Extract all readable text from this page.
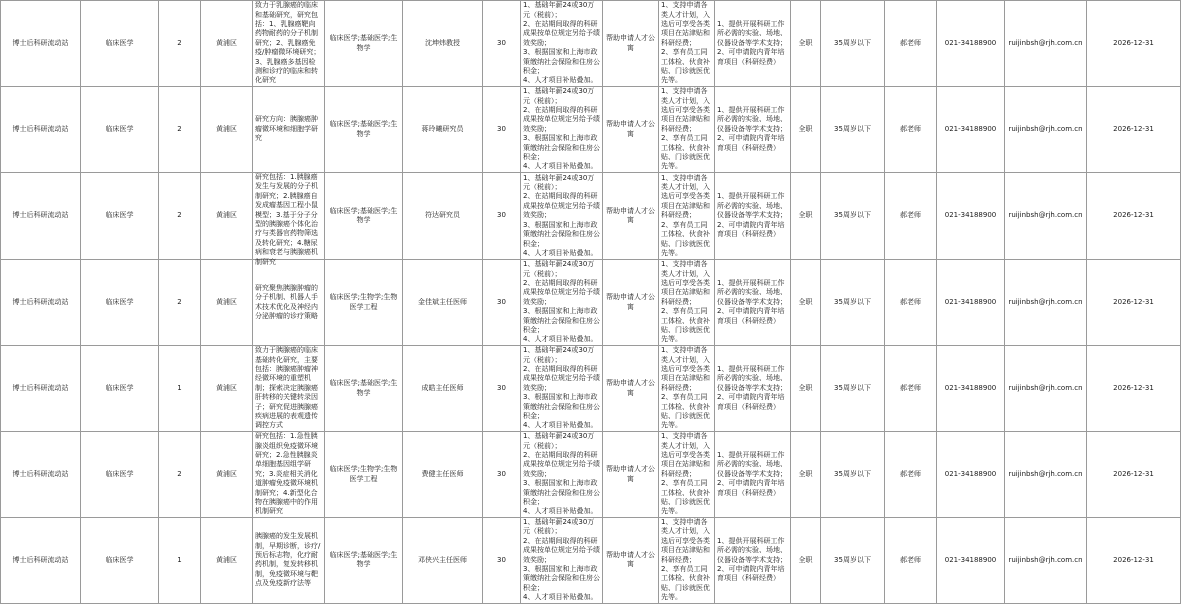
博士后科研流动站	临床医学	2	黄浦区	致力于乳腺癌的临床和基础研究，研究包括：1、乳腺癌靶向药物耐药的分子机制研究；2、乳腺癌免疫/肿瘤微环境研究；3、乳腺癌多基因检测和诊疗的临床和转化研究	临床医学;基础医学;生物学	沈坤炜教授	30	1、基础年薪24或30万元（税前）；
2、在站期间取得的科研成果按单位规定另给予绩效奖励；
3、根据国家和上海市政策缴纳社会保险和住房公积金；
4、人才项目补贴叠加。	帮助申请人才公寓	1、支持申请各类人才计划，入选后可享受各类项目在站津贴和科研经费；
2、享有员工同工体检、伙食补贴、门诊就医优先等。	1、提供开展科研工作所必需的实验、场地、仪器设备等学术支持；
2、可申请院内青年培育项目（科研经费）	全职	35周岁以下	郝老师	021-34188900	ruijinbsh@rjh.com.cn	2026-12-31
博士后科研流动站	临床医学	2	黄浦区	研究方向：胰腺癌肿瘤微环境和细胞学研究	临床医学;基础医学;生物学	蒋玲曦研究员	30	1、基础年薪24或30万元（税前）；
2、在站期间取得的科研成果按单位规定另给予绩效奖励；
3、根据国家和上海市政策缴纳社会保险和住房公积金；
4、人才项目补贴叠加。	帮助申请人才公寓	1、支持申请各类人才计划，入选后可享受各类项目在站津贴和科研经费；
2、享有员工同工体检、伙食补贴、门诊就医优先等。	1、提供开展科研工作所必需的实验、场地、仪器设备等学术支持；
2、可申请院内青年培育项目（科研经费）	全职	35周岁以下	郝老师	021-34188900	ruijinbsh@rjh.com.cn	2026-12-31
博士后科研流动站	临床医学	2	黄浦区	研究包括：1.胰腺癌发生与发展的分子机制研究；2.胰腺癌自发成瘤基因工程小鼠模型；3.基于分子分型的胰腺癌个体化治疗与类器官药物筛选及转化研究；4.糖尿病和衰老与胰腺癌机制研究	临床医学;基础医学;生物学	符达研究员	30	1、基础年薪24或30万元（税前）；
2、在站期间取得的科研成果按单位规定另给予绩效奖励；
3、根据国家和上海市政策缴纳社会保险和住房公积金；
4、人才项目补贴叠加。	帮助申请人才公寓	1、支持申请各类人才计划，入选后可享受各类项目在站津贴和科研经费；
2、享有员工同工体检、伙食补贴、门诊就医优先等。	1、提供开展科研工作所必需的实验、场地、仪器设备等学术支持；
2、可申请院内青年培育项目（科研经费）	全职	35周岁以下	郝老师	021-34188900	ruijinbsh@rjh.com.cn	2026-12-31
博士后科研流动站	临床医学	2	黄浦区	研究聚焦胰腺肿瘤的分子机制、机器人手术技术优化及神经内分泌肿瘤的诊疗策略	临床医学;生物学;生物医学工程	金佳斌主任医师	30	1、基础年薪24或30万元（税前）；
2、在站期间取得的科研成果按单位规定另给予绩效奖励；
3、根据国家和上海市政策缴纳社会保险和住房公积金；
4、人才项目补贴叠加。	帮助申请人才公寓	1、支持申请各类人才计划，入选后可享受各类项目在站津贴和科研经费；
2、享有员工同工体检、伙食补贴、门诊就医优先等。	1、提供开展科研工作所必需的实验、场地、仪器设备等学术支持；
2、可申请院内青年培育项目（科研经费）	全职	35周岁以下	郝老师	021-34188900	ruijinbsh@rjh.com.cn	2026-12-31
博士后科研流动站	临床医学	1	黄浦区	致力于胰腺癌的临床基础转化研究，主要包括：胰腺癌肿瘤神经微环境的重塑机制；探索决定胰腺癌肝转移的关键转录因子；研究促进胰腺癌疾病进展的表观遗传调控方式	临床医学;基础医学;生物学	成皓主任医师	30	1、基础年薪24或30万元（税前）；
2、在站期间取得的科研成果按单位规定另给予绩效奖励；
3、根据国家和上海市政策缴纳社会保险和住房公积金；
4、人才项目补贴叠加。	帮助申请人才公寓	1、支持申请各类人才计划，入选后可享受各类项目在站津贴和科研经费；
2、享有员工同工体检、伙食补贴、门诊就医优先等。	1、提供开展科研工作所必需的实验、场地、仪器设备等学术支持；
2、可申请院内青年培育项目（科研经费）	全职	35周岁以下	郝老师	021-34188900	ruijinbsh@rjh.com.cn	2026-12-31
博士后科研流动站	临床医学	2	黄浦区	研究包括：1.急性胰腺炎组织免疫微环境研究；2.急性胰腺炎单细胞基因组学研究；3.炎症相关消化道肿瘤免疫微环境机制研究；4.新型化合物在胰腺癌中的作用机制研究	临床医学;生物学;生物医学工程	费健主任医师	30	1、基础年薪24或30万元（税前）；
2、在站期间取得的科研成果按单位规定另给予绩效奖励；
3、根据国家和上海市政策缴纳社会保险和住房公积金；
4、人才项目补贴叠加。	帮助申请人才公寓	1、支持申请各类人才计划，入选后可享受各类项目在站津贴和科研经费；
2、享有员工同工体检、伙食补贴、门诊就医优先等。	1、提供开展科研工作所必需的实验、场地、仪器设备等学术支持；
2、可申请院内青年培育项目（科研经费）	全职	35周岁以下	郝老师	021-34188900	ruijinbsh@rjh.com.cn	2026-12-31
博士后科研流动站	临床医学	1	黄浦区	胰腺癌的发生发展机制，早期诊断，诊疗/预后标志物，化疗耐药机制，复发转移机制，免疫微环境与靶点及免疫新疗法等	临床医学;基础医学;生物学	邓侠兴主任医师	30	1、基础年薪24或30万元（税前）；
2、在站期间取得的科研成果按单位规定另给予绩效奖励；
3、根据国家和上海市政策缴纳社会保险和住房公积金；
4、人才项目补贴叠加。	帮助申请人才公寓	1、支持申请各类人才计划，入选后可享受各类项目在站津贴和科研经费；
2、享有员工同工体检、伙食补贴、门诊就医优先等。	1、提供开展科研工作所必需的实验、场地、仪器设备等学术支持；
2、可申请院内青年培育项目（科研经费）	全职	35周岁以下	郝老师	021-34188900	ruijinbsh@rjh.com.cn	2026-12-31
